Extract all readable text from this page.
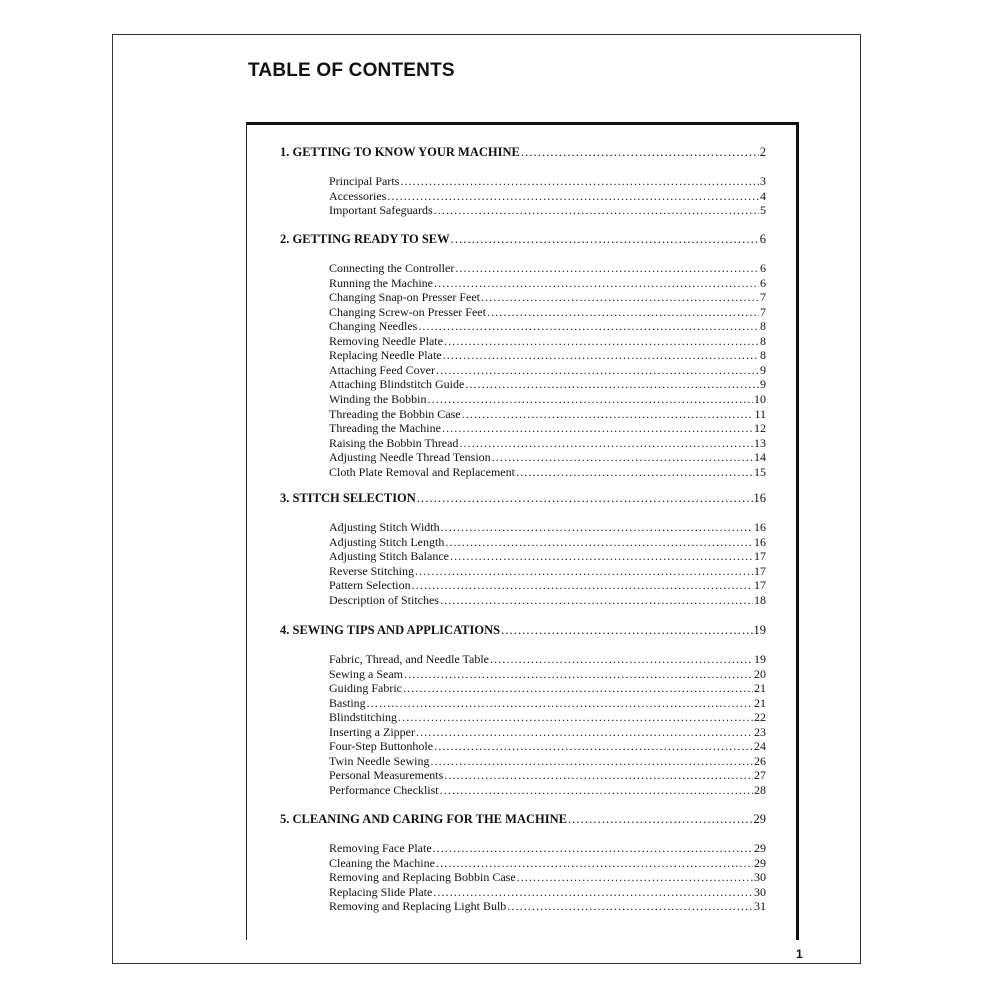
TABLE OF CONTENTS
1. GETTING TO KNOW YOUR MACHINE .....	2
Principal Parts .....	3
Accessories .....	4
Important Safeguards .....	5
2. GETTING READY TO SEW .....	6
Connecting the Controller .....	6
Running the Machine .....	6
Changing Snap-on Presser Feet .....	7
Changing Screw-on Presser Feet .....	7
Changing Needles .....	8
Removing Needle Plate .....	8
Replacing Needle Plate .....	8
Attaching Feed Cover .....	9
Attaching Blindstitch Guide .....	9
Winding the Bobbin .....	10
Threading the Bobbin Case .....	11
Threading the Machine .....	12
Raising the Bobbin Thread .....	13
Adjusting Needle Thread Tension .....	14
Cloth Plate Removal and Replacement .....	15
3. STITCH SELECTION .....	16
Adjusting Stitch Width .....	16
Adjusting Stitch Length .....	16
Adjusting Stitch Balance .....	17
Reverse Stitching .....	17
Pattern Selection .....	17
Description of Stitches .....	18
4. SEWING TIPS AND APPLICATIONS .....	19
Fabric, Thread, and Needle Table .....	19
Sewing a Seam .....	20
Guiding Fabric .....	21
Basting .....	21
Blindstitching .....	22
Inserting a Zipper .....	23
Four-Step Buttonhole .....	24
Twin Needle Sewing .....	26
Personal Measurements .....	27
Performance Checklist .....	28
5. CLEANING AND CARING FOR THE MACHINE .....	29
Removing Face Plate .....	29
Cleaning the Machine .....	29
Removing and Replacing Bobbin Case .....	30
Replacing Slide Plate .....	30
Removing and Replacing Light Bulb .....	31
1
